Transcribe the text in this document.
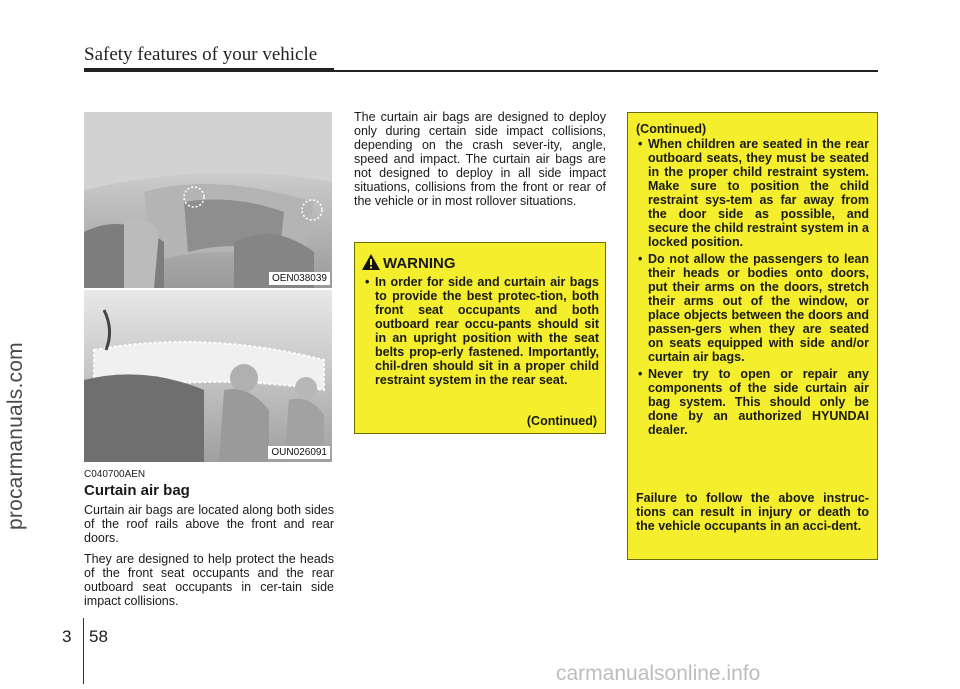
Safety features of your vehicle
procarmanuals.com
OEN038039
OUN026091
C040700AEN
Curtain air bag
Curtain air bags are located along both sides of the roof rails above the front and rear doors.
They are designed to help protect the heads of the front seat occupants and the rear outboard seat occupants in cer-tain side impact collisions.
The curtain air bags are designed to deploy only during certain side impact collisions, depending on the crash sever-ity, angle, speed and impact. The curtain air bags are not designed to deploy in all side impact situations, collisions from the front or rear of the vehicle or in most rollover situations.
WARNING
• In order for side and curtain air bags to provide the best protec-tion, both front seat occupants and both outboard rear occu-pants should sit in an upright position with the seat belts prop-erly fastened. Importantly, chil-dren should sit in a proper child restraint system in the rear seat.
(Continued)
(Continued)
• When children are seated in the rear outboard seats, they must be seated in the proper child restraint system. Make sure to position the child restraint sys-tem as far away from the door side as possible, and secure the child restraint system in a locked position.
• Do not allow the passengers to lean their heads or bodies onto doors, put their arms on the doors, stretch their arms out of the window, or place objects between the doors and passen-gers when they are seated on seats equipped with side and/or curtain air bags.
• Never try to open or repair any components of the side curtain air bag system. This should only be done by an authorized HYUNDAI dealer.
Failure to follow the above instruc-tions can result in injury or death to the vehicle occupants in an acci-dent.
3 58
carmanualsonline.info
